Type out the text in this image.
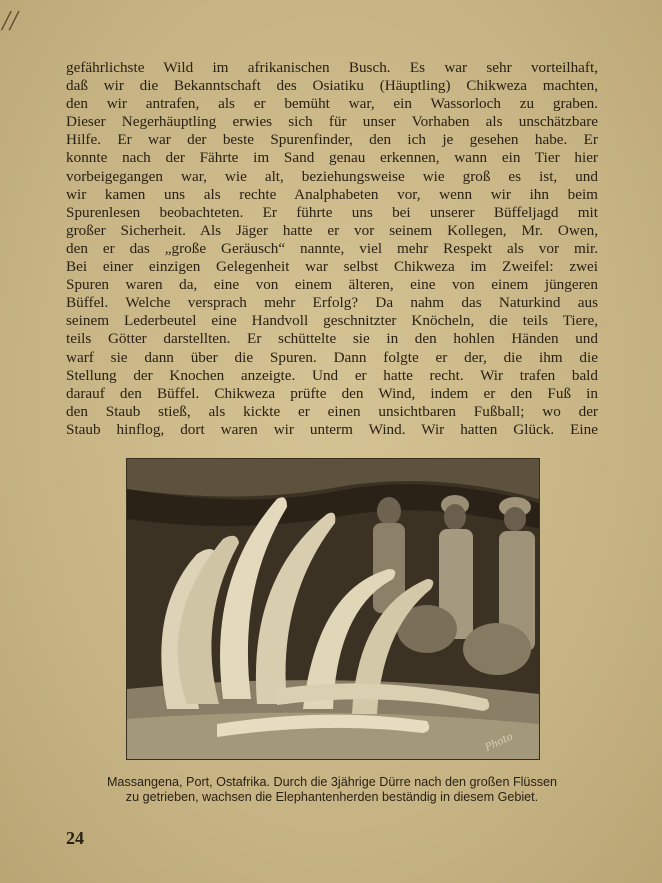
//

gefährlichste Wild im afrikanischen Busch. Es war sehr vorteilhaft,

daß wir die Bekanntschaft des Osiatiku (Häuptling) Chikweza machten,

den wir antrafen, als er bemüht war, ein Wassorloch zu graben.

Dieser Negerhäuptling erwies sich für unser Vorhaben als unschätzbare

Hilfe. Er war der beste Spurenfinder, den ich je gesehen habe. Er

konnte nach der Fährte im Sand genau erkennen, wann ein Tier hier

vorbeigegangen war, wie alt, beziehungsweise wie groß es ist, und

wir kamen uns als rechte Analphabeten vor, wenn wir ihn beim

Spurenlesen beobachteten. Er führte uns bei unserer Büffeljagd mit

großer Sicherheit. Als Jäger hatte er vor seinem Kollegen, Mr. Owen,

den er das „große Geräusch“ nannte, viel mehr Respekt als vor mir.

Bei einer einzigen Gelegenheit war selbst Chikweza im Zweifel: zwei

Spuren waren da, eine von einem älteren, eine von einem jüngeren

Büffel. Welche versprach mehr Erfolg? Da nahm das Naturkind aus

seinem Lederbeutel eine Handvoll geschnitzter Knöcheln, die teils Tiere,

teils Götter darstellten. Er schüttelte sie in den hohlen Händen und

warf sie dann über die Spuren. Dann folgte er der, die ihm die

Stellung der Knochen anzeigte. Und er hatte recht. Wir trafen bald

darauf den Büffel. Chikweza prüfte den Wind, indem er den Fuß in

den Staub stieß, als kickte er einen unsichtbaren Fußball; wo der

Staub hinflog, dort waren wir unterm Wind. Wir hatten Glück. Eine

Photo

Massangena, Port, Ostafrika. Durch die 3jährige Dürre nach den großen Flüssen

zu getrieben, wachsen die Elephantenherden beständig in diesem Gebiet.

24
